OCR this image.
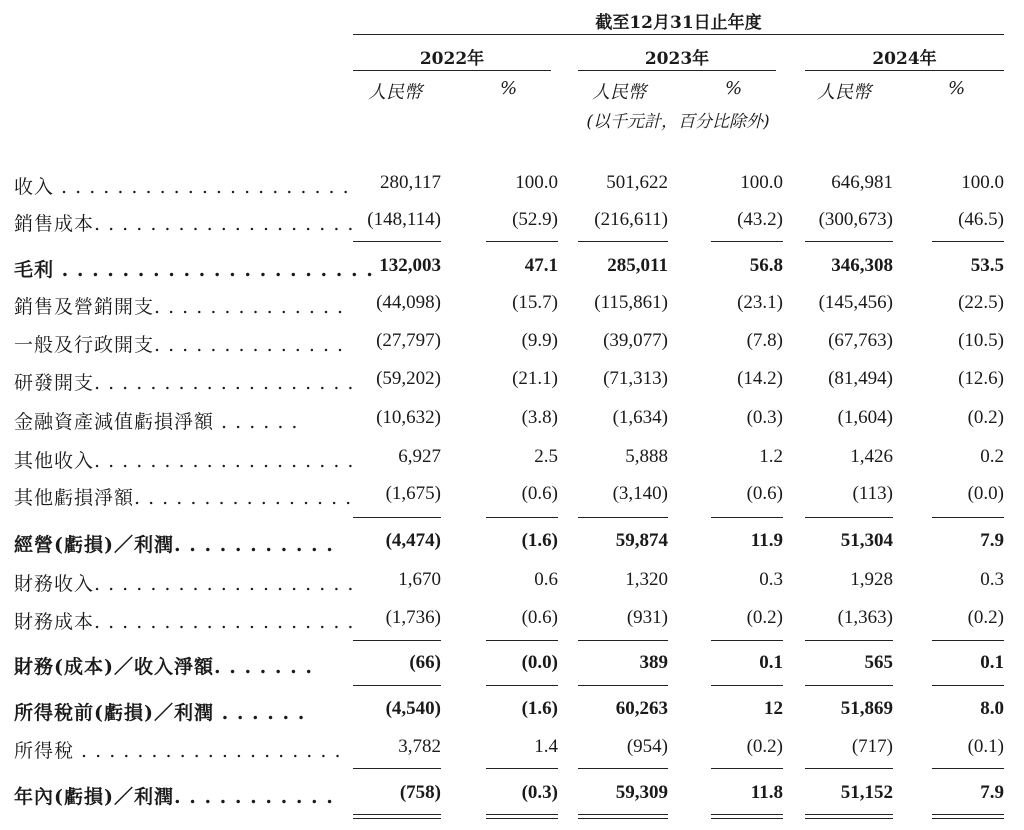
截至12月31日止年度
2022年	2023年	2024年
人民幣	%	人民幣	%	人民幣	%
(以千元計，百分比除外)
收入 . . . . . . . . . . . . . . . . . . . . .	280,117	100.0	501,622	100.0	646,981	100.0
銷售成本. . . . . . . . . . . . . . . . . . . (148,114)	(52.9)	(216,611)	(43.2)	(300,673)	(46.5)
毛利 . . . . . . . . . . . . . . . . . . . . . 132,003	47.1	285,011	56.8	346,308	53.5
銷售及營銷開支. . . . . . . . . . . . . .	(44,098)	(15.7)	(115,861)	(23.1)	(145,456)	(22.5)
一般及行政開支. . . . . . . . . . . . . .	(27,797)	(9.9)	(39,077)	(7.8)	(67,763)	(10.5)
研發開支. . . . . . . . . . . . . . . . . . .	(59,202)	(21.1)	(71,313)	(14.2)	(81,494)	(12.6)
金融資產減值虧損淨額 . . . . . .	(10,632)	(3.8)	(1,634)	(0.3)	(1,604)	(0.2)
其他收入. . . . . . . . . . . . . . . . . . .	6,927	2.5	5,888	1.2	1,426	0.2
其他虧損淨額. . . . . . . . . . . . . . . .	(1,675)	(0.6)	(3,140)	(0.6)	(113)	(0.0)
經營(虧損)／利潤. . . . . . . . . . .	(4,474)	(1.6)	59,874	11.9	51,304	7.9
財務收入. . . . . . . . . . . . . . . . . . .	1,670	0.6	1,320	0.3	1,928	0.3
財務成本. . . . . . . . . . . . . . . . . . .	(1,736)	(0.6)	(931)	(0.2)	(1,363)	(0.2)
財務(成本)／收入淨額. . . . . . .	(66)	(0.0)	389	0.1	565	0.1
所得稅前(虧損)／利潤 . . . . . .	(4,540)	(1.6)	60,263	12	51,869	8.0
所得稅 . . . . . . . . . . . . . . . . . . .	3,782	1.4	(954)	(0.2)	(717)	(0.1)
年內(虧損)／利潤. . . . . . . . . . .	(758)	(0.3)	59,309	11.8	51,152	7.9
